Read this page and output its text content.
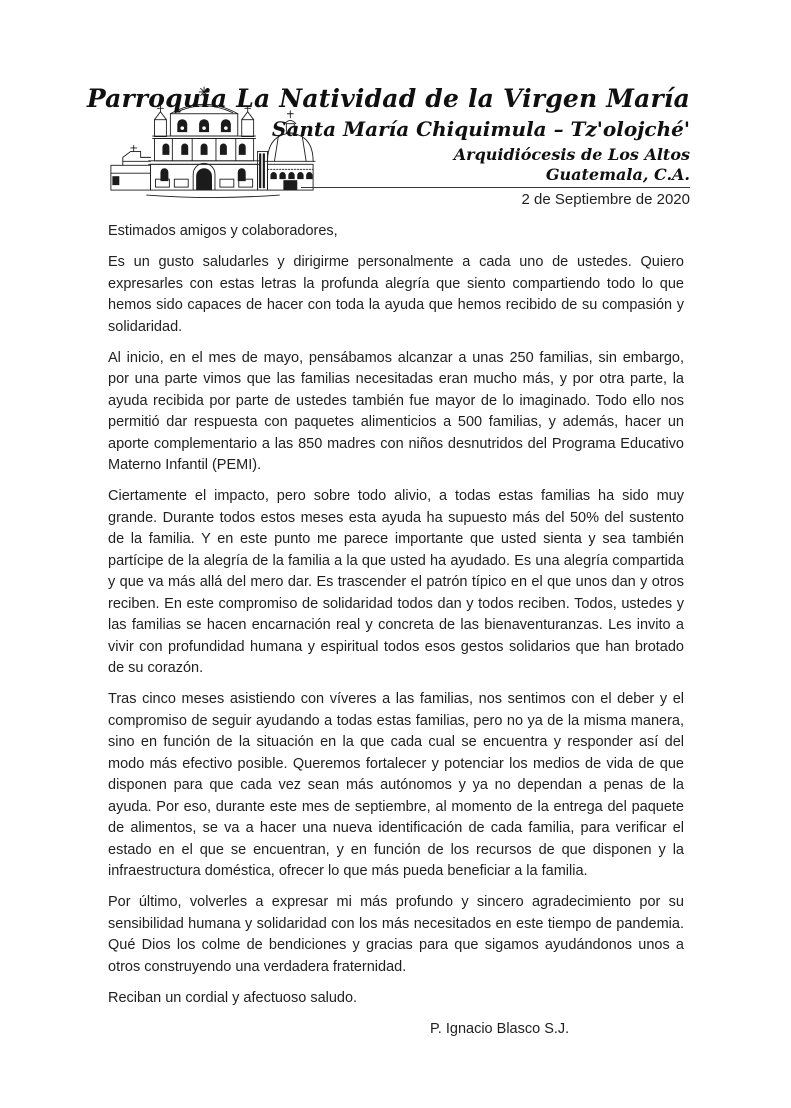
Parroquia La Natividad de la Virgen María
Santa María Chiquimula – Tz'olojché'
Arquidiócesis de Los Altos
Guatemala, C.A.
2 de Septiembre de 2020

Estimados amigos y colaboradores,

Es un gusto saludarles y dirigirme personalmente a cada uno de ustedes. Quiero expresarles con estas letras la profunda alegría que siento compartiendo todo lo que hemos sido capaces de hacer con toda la ayuda que hemos recibido de su compasión y solidaridad.

Al inicio, en el mes de mayo, pensábamos alcanzar a unas 250 familias, sin embargo, por una parte vimos que las familias necesitadas eran mucho más, y por otra parte, la ayuda recibida por parte de ustedes también fue mayor de lo imaginado. Todo ello nos permitió dar respuesta con paquetes alimenticios a 500 familias, y además, hacer un aporte complementario a las 850 madres con niños desnutridos del Programa Educativo Materno Infantil (PEMI).

Ciertamente el impacto, pero sobre todo alivio, a todas estas familias ha sido muy grande. Durante todos estos meses esta ayuda ha supuesto más del 50% del sustento de la familia. Y en este punto me parece importante que usted sienta y sea también partícipe de la alegría de la familia a la que usted ha ayudado. Es una alegría compartida y que va más allá del mero dar. Es trascender el patrón típico en el que unos dan y otros reciben. En este compromiso de solidaridad todos dan y todos reciben. Todos, ustedes y las familias se hacen encarnación real y concreta de las bienaventuranzas. Les invito a vivir con profundidad humana y espiritual todos esos gestos solidarios que han brotado de su corazón.

Tras cinco meses asistiendo con víveres a las familias, nos sentimos con el deber y el compromiso de seguir ayudando a todas estas familias, pero no ya de la misma manera, sino en función de la situación en la que cada cual se encuentra y responder así del modo más efectivo posible. Queremos fortalecer y potenciar los medios de vida de que disponen para que cada vez sean más autónomos y ya no dependan a penas de la ayuda. Por eso, durante este mes de septiembre, al momento de la entrega del paquete de alimentos, se va a hacer una nueva identificación de cada familia, para verificar el estado en el que se encuentran, y en función de los recursos de que disponen y la infraestructura doméstica, ofrecer lo que más pueda beneficiar a la familia.

Por último, volverles a expresar mi más profundo y sincero agradecimiento por su sensibilidad humana y solidaridad con los más necesitados en este tiempo de pandemia. Qué Dios los colme de bendiciones y gracias para que sigamos ayudándonos unos a otros construyendo una verdadera fraternidad.

Reciban un cordial y afectuoso saludo.

P. Ignacio Blasco S.J.
